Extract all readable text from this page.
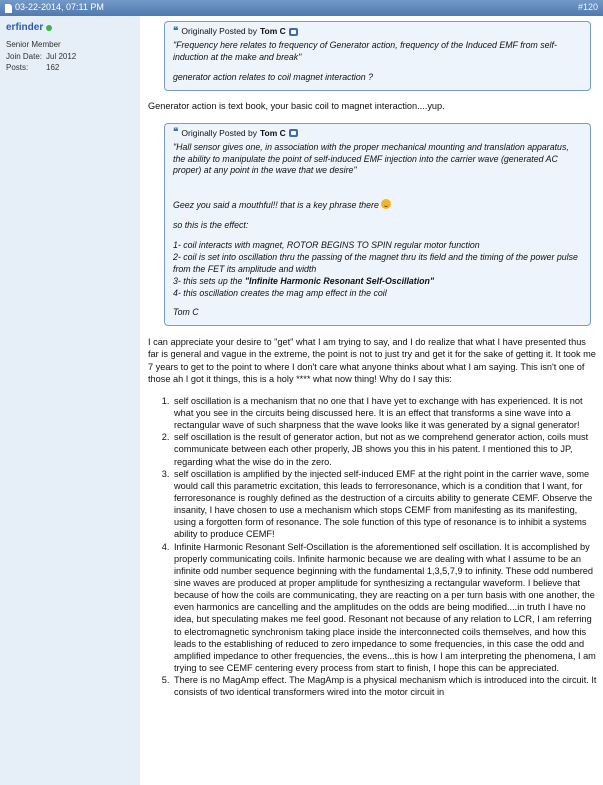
03-22-2014, 07:11 PM	#120
erfinder
Senior Member
Join Date: Jul 2012
Posts:	162
❝ Originally Posted by Tom C

"Frequency here relates to frequency of Generator action, frequency of the Induced EMF from self-induction at the make and break"

generator action relates to coil magnet interaction ?

Generator action is text book, your basic coil to magnet interaction....yup.
❝ Originally Posted by Tom C

"Hall sensor gives one, in association with the proper mechanical mounting and translation apparatus, the ability to manipulate the point of self-induced EMF injection into the carrier wave (generated AC proper) at any point in the wave that we desire"

Geez you said a mouthful!! that is a key phrase there

so this is the effect:

1- coil interacts with magnet, ROTOR BEGINS TO SPIN regular motor function
2- coil is set into oscillation thru the passing of the magnet thru its field and the timing of the power pulse from the FET its amplitude and width
3- this sets up the "Infinite Harmonic Resonant Self-Oscillation"
4- this oscillation creates the mag amp effect in the coil

Tom C

I can appreciate your desire to "get" what I am trying to say, and I do realize that what I have presented thus far is general and vague in the extreme, the point is not to just try and get it for the sake of getting it. It took me 7 years to get to the point to where I don't care what anyone thinks about what I am saying. This isn't one of those ah I got it things, this is a holy **** what now thing! Why do I say this:
1. self oscillation is a mechanism that no one that I have yet to exchange with has experienced. It is not what you see in the circuits being discussed here. It is an effect that transforms a sine wave into a rectangular wave of such sharpness that the wave looks like it was generated by a signal generator!
2. self oscillation is the result of generator action, but not as we comprehend generator action, coils must communicate between each other properly, JB shows you this in his patent. I mentioned this to JP, regarding what the wise do in the zero.
3. self oscillation is amplified by the injected self-induced EMF at the right point in the carrier wave, some would call this parametric excitation, this leads to ferroresonance, which is a condition that I want, for ferroresonance is roughly defined as the destruction of a circuits ability to generate CEMF. Observe the insanity, I have chosen to use a mechanism which stops CEMF from manifesting as its manifesting, using a forgotten form of resonance. The sole function of this type of resonance is to inhibit a systems ability to produce CEMF!
4. Infinite Harmonic Resonant Self-Oscillation is the aforementioned self oscillation. It is accomplished by properly communicating coils. Infinite harmonic because we are dealing with what I assume to be an infinite odd number sequence beginning with the fundamental 1,3,5,7,9 to infinity. These odd numbered sine waves are produced at proper amplitude for synthesizing a rectangular waveform. I believe that because of how the coils are communicating, they are reacting on a per turn basis with one another, the even harmonics are cancelling and the amplitudes on the odds are being modified....in truth I have no idea, but speculating makes me feel good. Resonant not because of any relation to LCR, I am referring to electromagnetic synchronism taking place inside the interconnected coils themselves, and how this leads to the establishing of reduced to zero impedance to some frequencies, in this case the odd and amplified impedance to other frequencies, the evens...this is how I am interpreting the phenomena, I am trying to see CEMF centering every process from start to finish, I hope this can be appreciated.
5. There is no MagAmp effect. The MagAmp is a physical mechanism which is introduced into the circuit. It consists of two identical transformers wired into the motor circuit in
